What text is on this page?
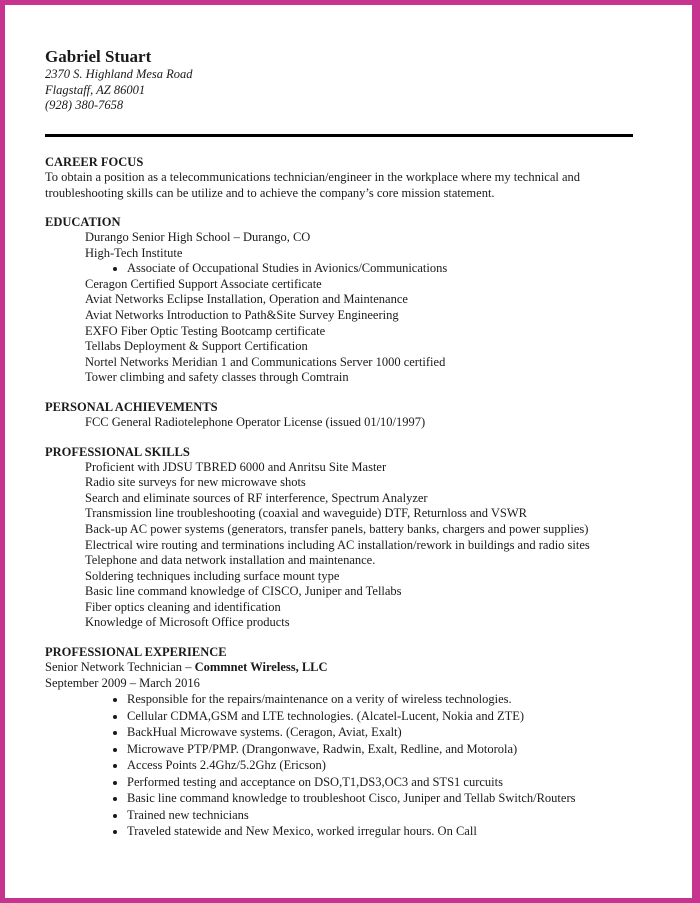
Gabriel Stuart
2370 S. Highland Mesa Road
Flagstaff, AZ 86001
(928) 380-7658
CAREER FOCUS
To obtain a position as a telecommunications technician/engineer in the workplace where my technical and
troubleshooting skills can be utilize and to achieve the company’s core mission statement.
EDUCATION
Durango Senior High School – Durango, CO
High-Tech Institute
• Associate of Occupational Studies in Avionics/Communications
Ceragon Certified Support Associate certificate
Aviat Networks Eclipse Installation, Operation and Maintenance
Aviat Networks Introduction to Path&Site Survey Engineering
EXFO Fiber Optic Testing Bootcamp certificate
Tellabs Deployment & Support Certification
Nortel Networks Meridian 1 and Communications Server 1000 certified
Tower climbing and safety classes through Comtrain
PERSONAL ACHIEVEMENTS
FCC General Radiotelephone Operator License (issued 01/10/1997)
PROFESSIONAL SKILLS
Proficient with JDSU TBRED 6000 and Anritsu Site Master
Radio site surveys for new microwave shots
Search and eliminate sources of RF interference, Spectrum Analyzer
Transmission line troubleshooting (coaxial and waveguide) DTF, Returnloss and VSWR
Back-up AC power systems (generators, transfer panels, battery banks, chargers and power supplies)
Electrical wire routing and terminations including AC installation/rework in buildings and radio sites
Telephone and data network installation and maintenance.
Soldering techniques including surface mount type
Basic line command knowledge of CISCO, Juniper and Tellabs
Fiber optics cleaning and identification
Knowledge of Microsoft Office products
PROFESSIONAL EXPERIENCE
Senior Network Technician – Commnet Wireless, LLC
September 2009 – March 2016
• Responsible for the repairs/maintenance on a verity of wireless technologies.
• Cellular CDMA,GSM and LTE technologies. (Alcatel-Lucent, Nokia and ZTE)
• BackHual Microwave systems. (Ceragon, Aviat, Exalt)
• Microwave PTP/PMP. (Drangonwave, Radwin, Exalt, Redline, and Motorola)
• Access Points 2.4Ghz/5.2Ghz (Ericson)
• Performed testing and acceptance on DSO,T1,DS3,OC3 and STS1 curcuits
• Basic line command knowledge to troubleshoot Cisco, Juniper and Tellab Switch/Routers
• Trained new technicians
• Traveled statewide and New Mexico, worked irregular hours. On Call
